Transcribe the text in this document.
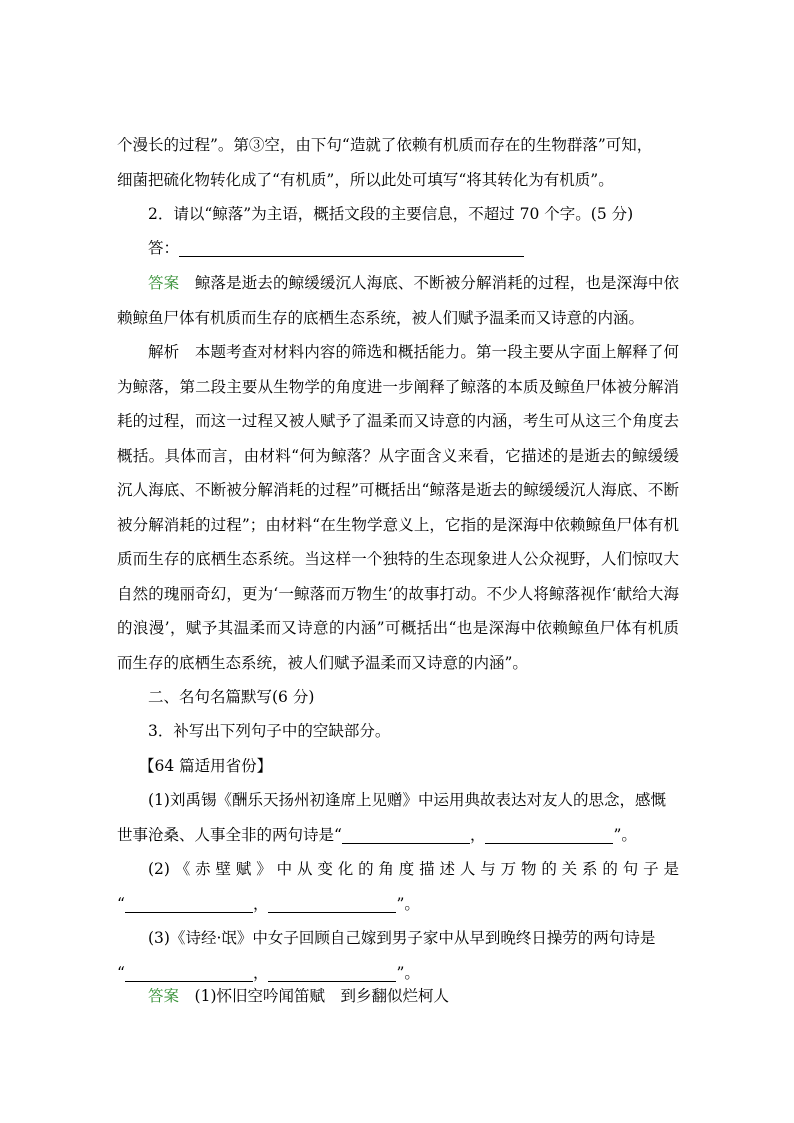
个漫长的过程”。第③空，由下句“造就了依赖有机质而存在的生物群落”可知，
细菌把硫化物转化成了“有机质”，所以此处可填写“将其转化为有机质”。

2．请以“鲸落”为主语，概括文段的主要信息，不超过 70 个字。(5 分)

答：

答案　 鲸落是逝去的鲸缓缓沉人海底、不断被分解消耗的过程，也是深海中依赖鲸鱼尸体有机质而生存的底栖生态系统，被人们赋予温柔而又诗意的内涵。

解析　 本题考查对材料内容的筛选和概括能力。第一段主要从字面上解释了何为鲸落，第二段主要从生物学的角度进一步阐释了鲸落的本质及鲸鱼尸体被分解消耗的过程，而这一过程又被人赋予了温柔而又诗意的内涵，考生可从这三个角度去概括。具体而言，由材料“何为鲸落？从字面含义来看，它描述的是逝去的鲸缓缓沉人海底、不断被分解消耗的过程”可概括出“鲸落是逝去的鲸缓缓沉人海底、不断被分解消耗的过程”；由材料“在生物学意义上，它指的是深海中依赖鲸鱼尸体有机质而生存的底栖生态系统。当这样一个独特的生态现象进人公众视野，人们惊叹大自然的瑰丽奇幻，更为‘一鲸落而万物生’的故事打动。不少人将鲸落视作‘献给大海的浪漫’，赋予其温柔而又诗意的内涵”可概括出“也是深海中依赖鲸鱼尸体有机质而生存的底栖生态系统，被人们赋予温柔而又诗意的内涵”。

二、名句名篇默写(6 分)

3．补写出下列句子中的空缺部分。

【64 篇适用省份】

(1)刘禹锡《酬乐天扬州初逢席上见赠》中运用典故表达对友人的思念，感慨
世事沧桑、人事全非的两句诗是“	，	”。

(2)《赤壁赋》中从变化的角度描述人与万物的关系的句子是
“	，	”。

(3)《诗经·氓》中女子回顾自己嫁到男子家中从早到晚终日操劳的两句诗是
“	，	”。

答案　 (1)怀旧空吟闻笛赋　到乡翻似烂柯人
